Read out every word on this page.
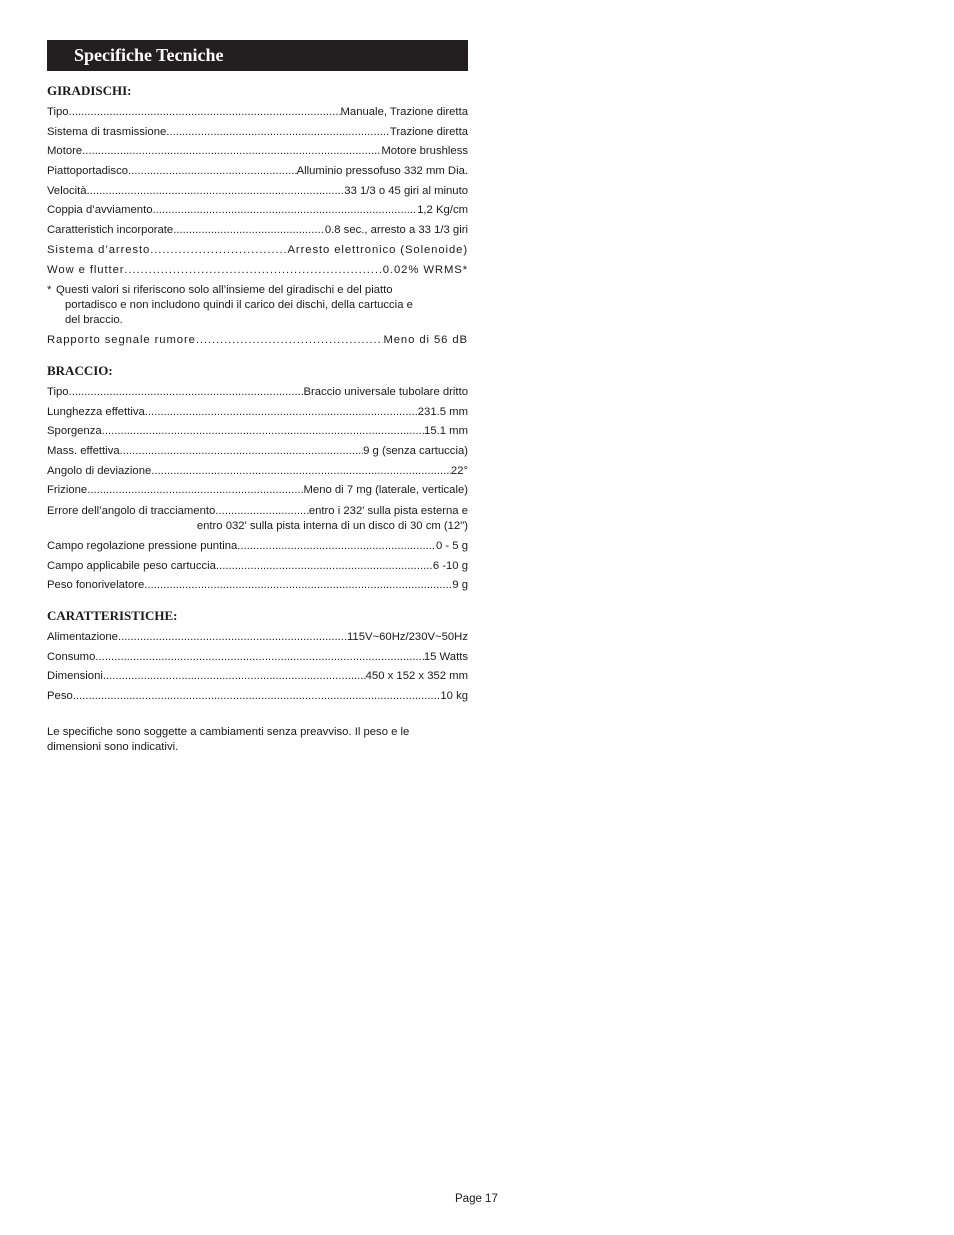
Specifiche Tecniche
GIRADISCHI:
Tipo .....	Manuale, Trazione diretta
Sistema di trasmissione .....	Trazione diretta
Motore .....	Motore brushless
Piattoportadisco .....	Alluminio pressofuso 332 mm Dia.
Velocità .....	33 1/3 o 45 giri al minuto
Coppia d’avviamento .....	1,2 Kg/cm
Caratteristich incorporate .....	0.8 sec., arresto a 33 1/3 giri
Sistema d’arresto .....	Arresto elettronico (Solenoide)
Wow e flutter .....	0.02% WRMS*
* Questi valori si riferiscono solo all’insieme del giradischi e del piatto
portadisco e non includono quindi il carico dei dischi, della cartuccia e
del braccio.
Rapporto segnale rumore .....	Meno di 56 dB
BRACCIO:
Tipo .....	Braccio universale tubolare dritto
Lunghezza effettiva .....	231.5 mm
Sporgenza .....	15.1 mm
Mass. effettiva .....	9 g (senza cartuccia)
Angolo di deviazione .....	22°
Frizione .....	Meno di 7 mg (laterale, verticale)
Errore dell’angolo di tracciamento .....	entro i 232' sulla pista esterna e
entro 032' sulla pista interna di un disco di 30 cm (12")
Campo regolazione pressione puntina .....	0 - 5 g
Campo applicabile peso cartuccia .....	6 -10 g
Peso fonorivelatore .....	9 g
CARATTERISTICHE:
Alimentazione .....	115V~60Hz/230V~50Hz
Consumo .....	15 Watts
Dimensioni .....	450 x 152 x 352 mm
Peso .....	10 kg
Le specifiche sono soggette a cambiamenti senza preavviso. Il peso e le
dimensioni sono indicativi.
Page 17
